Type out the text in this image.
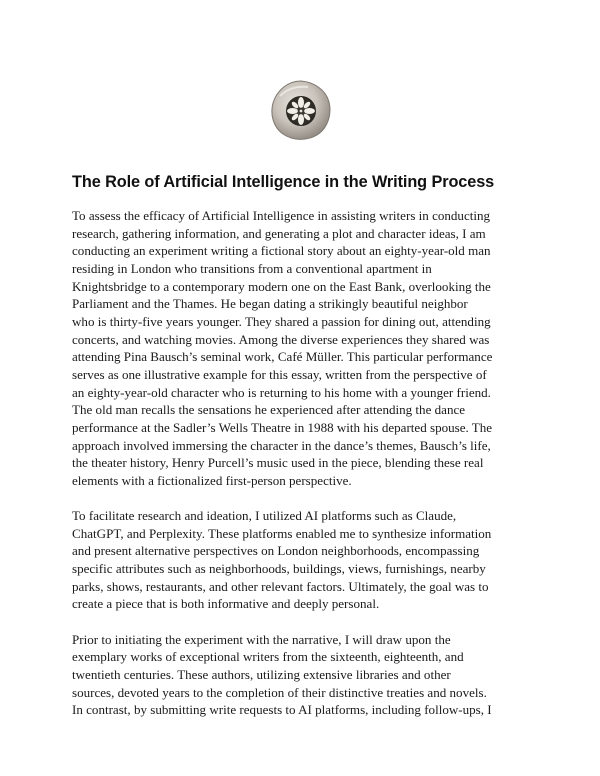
The Role of Artificial Intelligence in the Writing Process

To assess the efficacy of Artificial Intelligence in assisting writers in conducting
research, gathering information, and generating a plot and character ideas, I am
conducting an experiment writing a fictional story about an eighty-year-old man
residing in London who transitions from a conventional apartment in
Knightsbridge to a contemporary modern one on the East Bank, overlooking the
Parliament and the Thames. He began dating a strikingly beautiful neighbor
who is thirty-five years younger. They shared a passion for dining out, attending
concerts, and watching movies. Among the diverse experiences they shared was
attending Pina Bausch’s seminal work, Café Müller. This particular performance
serves as one illustrative example for this essay, written from the perspective of
an eighty-year-old character who is returning to his home with a younger friend.
The old man recalls the sensations he experienced after attending the dance
performance at the Sadler’s Wells Theatre in 1988 with his departed spouse. The
approach involved immersing the character in the dance’s themes, Bausch’s life,
the theater history, Henry Purcell’s music used in the piece, blending these real
elements with a fictionalized first-person perspective.

To facilitate research and ideation, I utilized AI platforms such as Claude,
ChatGPT, and Perplexity. These platforms enabled me to synthesize information
and present alternative perspectives on London neighborhoods, encompassing
specific attributes such as neighborhoods, buildings, views, furnishings, nearby
parks, shows, restaurants, and other relevant factors. Ultimately, the goal was to
create a piece that is both informative and deeply personal.

Prior to initiating the experiment with the narrative, I will draw upon the
exemplary works of exceptional writers from the sixteenth, eighteenth, and
twentieth centuries. These authors, utilizing extensive libraries and other
sources, devoted years to the completion of their distinctive treaties and novels.
In contrast, by submitting write requests to AI platforms, including follow-ups, I
